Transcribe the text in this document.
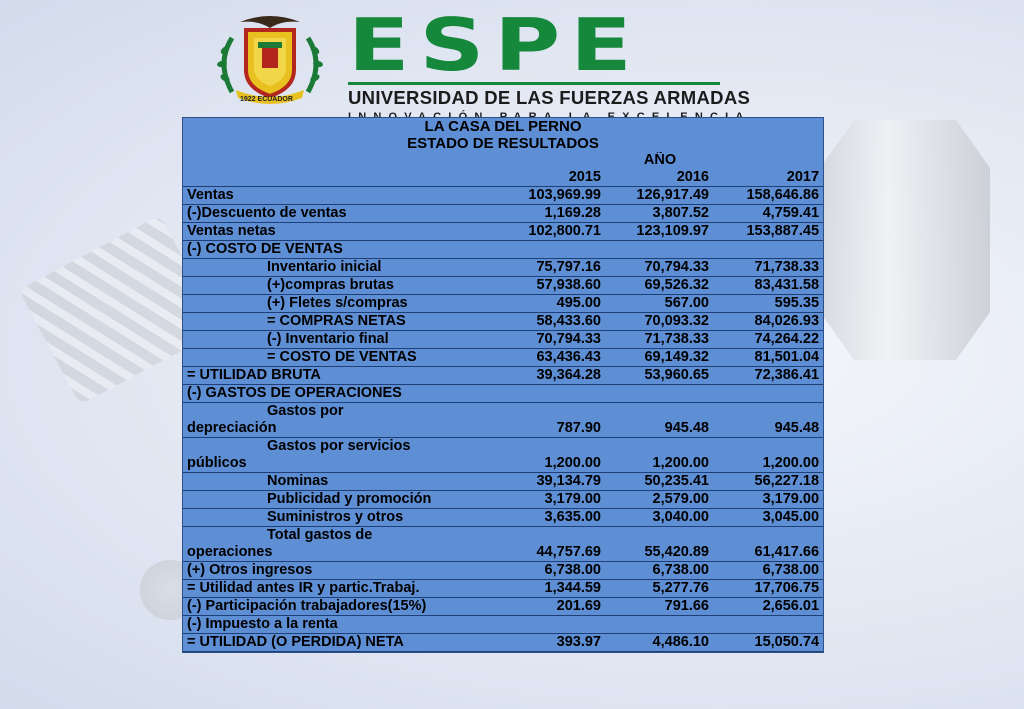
1922 ECUADOR
ESPE
UNIVERSIDAD DE LAS FUERZAS ARMADAS
LA CASA DEL PERNO			
ESTADO DE RESULTADOS			
	AÑO		
	2015	2016	2017
Ventas	103,969.99	126,917.49	158,646.86
(-)Descuento de ventas	1,169.28	3,807.52	4,759.41
Ventas netas	102,800.71	123,109.97	153,887.45
(-) COSTO DE VENTAS			
Inventario inicial	75,797.16	70,794.33	71,738.33
(+)compras brutas	57,938.60	69,526.32	83,431.58
(+) Fletes s/compras	495.00	567.00	595.35
= COMPRAS NETAS	58,433.60	70,093.32	84,026.93
(-) Inventario final	70,794.33	71,738.33	74,264.22
= COSTO DE VENTAS	63,436.43	69,149.32	81,501.04
= UTILIDAD BRUTA	39,364.28	53,960.65	72,386.41
(-) GASTOS DE OPERACIONES			

Gastos por
depreciación	787.90	945.48	945.48

Gastos por servicios
públicos	1,200.00	1,200.00	1,200.00
Nominas	39,134.79	50,235.41	56,227.18
Publicidad y promoción	3,179.00	2,579.00	3,179.00
Suministros y otros	3,635.00	3,040.00	3,045.00

Total gastos de
operaciones	44,757.69	55,420.89	61,417.66
(+) Otros ingresos	6,738.00	6,738.00	6,738.00
= Utilidad antes IR y partic.Trabaj.	1,344.59	5,277.76	17,706.75
(-) Participación trabajadores(15%)	201.69	791.66	2,656.01
(-) Impuesto a la renta			
= UTILIDAD (O PERDIDA) NETA	393.97	4,486.10	15,050.74
